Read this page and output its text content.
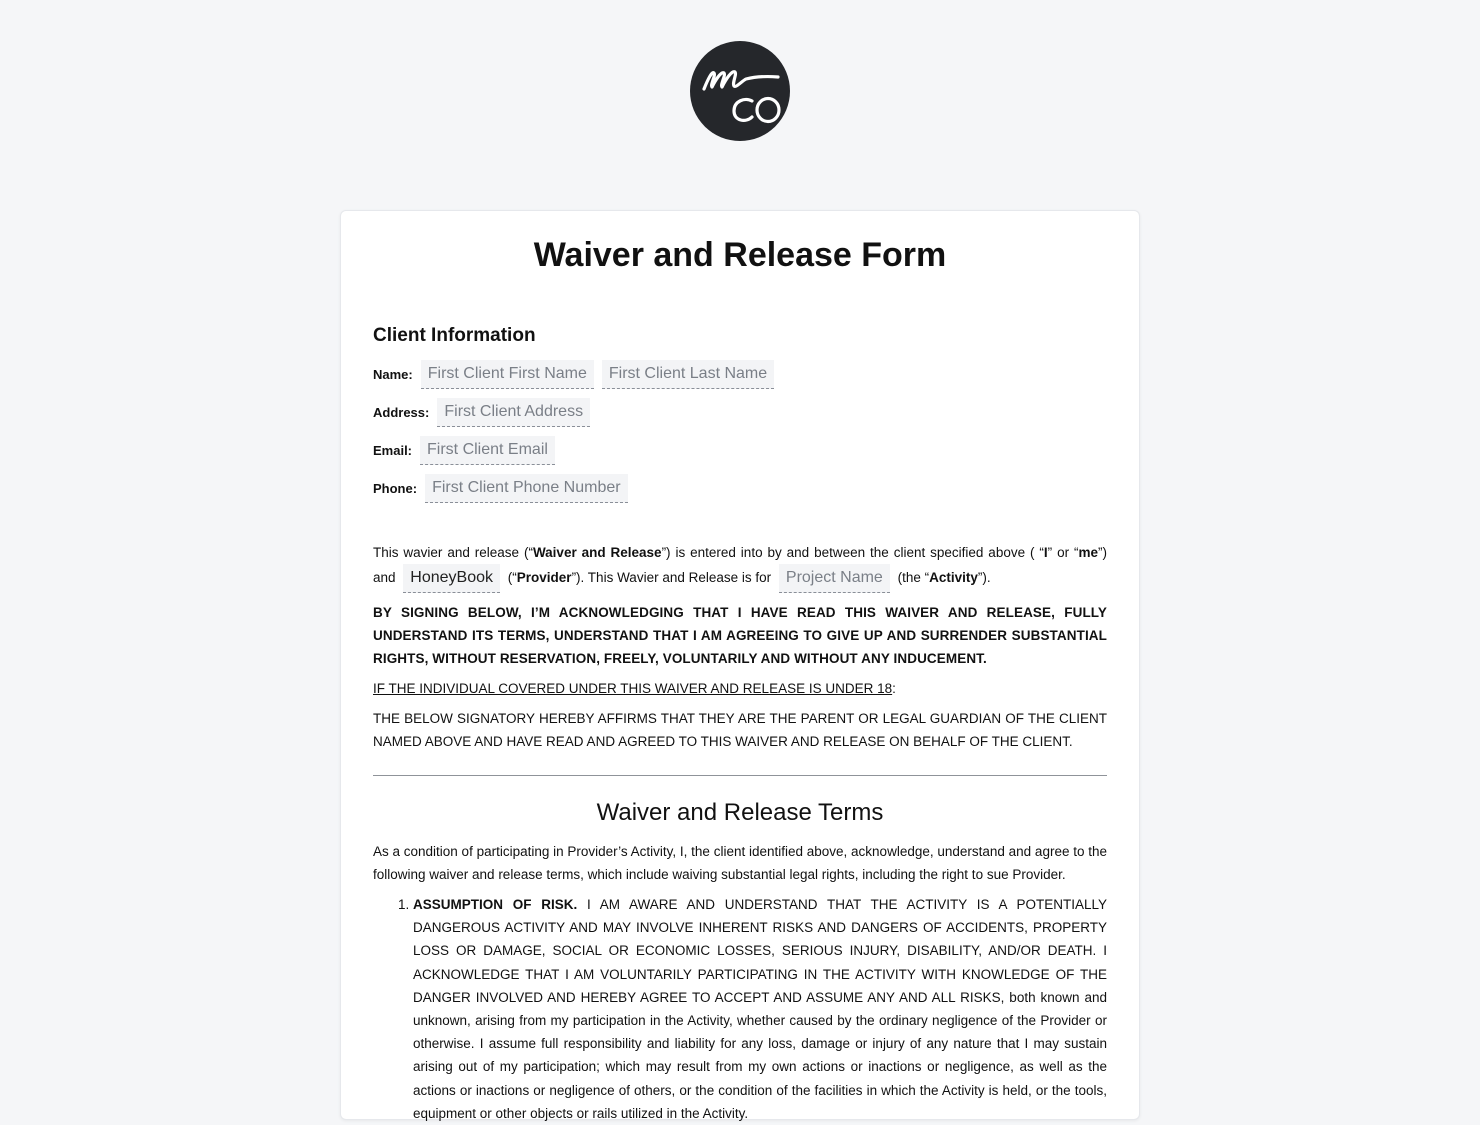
Waiver and Release Form
Client Information
Name: First Client First Name	First Client Last Name
Address: First Client Address
Email: First Client Email
Phone: First Client Phone Number

This wavier and release (“Waiver and Release”) is entered into by and between the client specified above ( “I” or “me”) and HoneyBook (“Provider”). This Wavier and Release is for Project Name (the “Activity”).

BY SIGNING BELOW, I’M ACKNOWLEDGING THAT I HAVE READ THIS WAIVER AND RELEASE, FULLY UNDERSTAND ITS TERMS, UNDERSTAND THAT I AM AGREEING TO GIVE UP AND SURRENDER SUBSTANTIAL RIGHTS, WITHOUT RESERVATION, FREELY, VOLUNTARILY AND WITHOUT ANY INDUCEMENT.

IF THE INDIVIDUAL COVERED UNDER THIS WAIVER AND RELEASE IS UNDER 18:

THE BELOW SIGNATORY HEREBY AFFIRMS THAT THEY ARE THE PARENT OR LEGAL GUARDIAN OF THE CLIENT NAMED ABOVE AND HAVE READ AND AGREED TO THIS WAIVER AND RELEASE ON BEHALF OF THE CLIENT.

Waiver and Release Terms

As a condition of participating in Provider’s Activity, I, the client identified above, acknowledge, understand and agree to the following waiver and release terms, which include waiving substantial legal rights, including the right to sue Provider.

1. ASSUMPTION OF RISK. I AM AWARE AND UNDERSTAND THAT THE ACTIVITY IS A POTENTIALLY DANGEROUS ACTIVITY AND MAY INVOLVE INHERENT RISKS AND DANGERS OF ACCIDENTS, PROPERTY LOSS OR DAMAGE, SOCIAL OR ECONOMIC LOSSES, SERIOUS INJURY, DISABILITY, AND/OR DEATH. I ACKNOWLEDGE THAT I AM VOLUNTARILY PARTICIPATING IN THE ACTIVITY WITH KNOWLEDGE OF THE DANGER INVOLVED AND HEREBY AGREE TO ACCEPT AND ASSUME ANY AND ALL RISKS, both known and unknown, arising from my participation in the Activity, whether caused by the ordinary negligence of the Provider or otherwise. I assume full responsibility and liability for any loss, damage or injury of any nature that I may sustain arising out of my participation; which may result from my own actions or inactions or negligence, as well as the actions or inactions or negligence of others, or the condition of the facilities in which the Activity is held, or the tools, equipment or other objects or rails utilized in the Activity.
